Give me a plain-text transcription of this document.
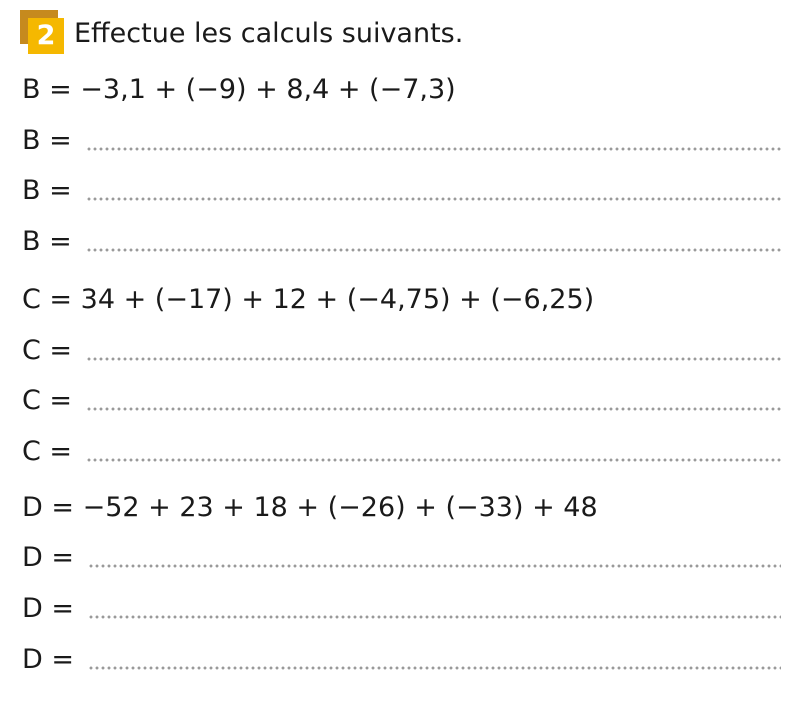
2 Effectue les calculs suivants.
B = −3,1 + (−9) + 8,4 + (−7,3)
B =
B =
B =
C = 34 + (−17) + 12 + (−4,75) + (−6,25)
C =
C =
C =
D = −52 + 23 + 18 + (−26) + (−33) + 48
D =
D =
D =
